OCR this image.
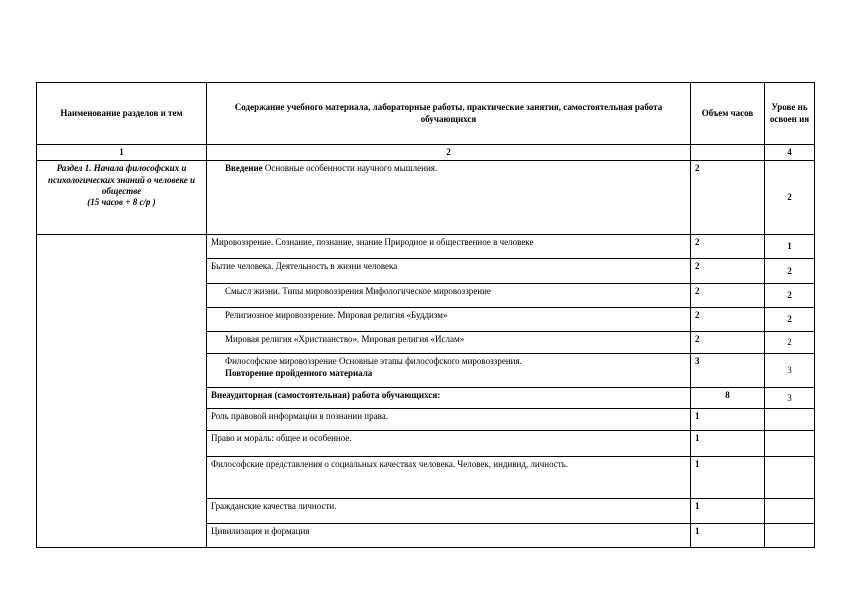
Наименование разделов и тем	Содержание учебного материала, лабораторные работы, практические занятия, самостоятельная работа обучающихся	Объем часов	Урове нь освоен ия
1	2		4
Раздел 1. Начала философских и психологических знаний о человеке и обществе
(15 часов + 8 с/р )	Введение Основные особенности научного мышления.	2	2
	Мировоззрение. Сознание, познание, знание Природное и общественное в человеке	2	1
	Бытие человека. Деятельность в жизни человека	2	2
	Смысл жизни. Типы мировоззрения Мифологическое мировоззрение	2	2
	Религиозное мировоззрение. Мировая религия «Буддизм»	2	2
	Мировая религия «Христианство». Мировая религия «Ислам»	2	2
	Философское мировоззрение Основные этапы философского мировоззрения.
Повторение пройденного материала	3	3
	Внеаудиторная (самостоятельная) работа обучающихся:	8	3
	Роль правовой информации в познании права.	1	
	Право и мораль: общее и особенное.	1	
	Философские представления о социальных качествах человека. Человек, индивид, личность.	1	
	Гражданские качества личности.	1	
	Цивилизация и формация	1	
